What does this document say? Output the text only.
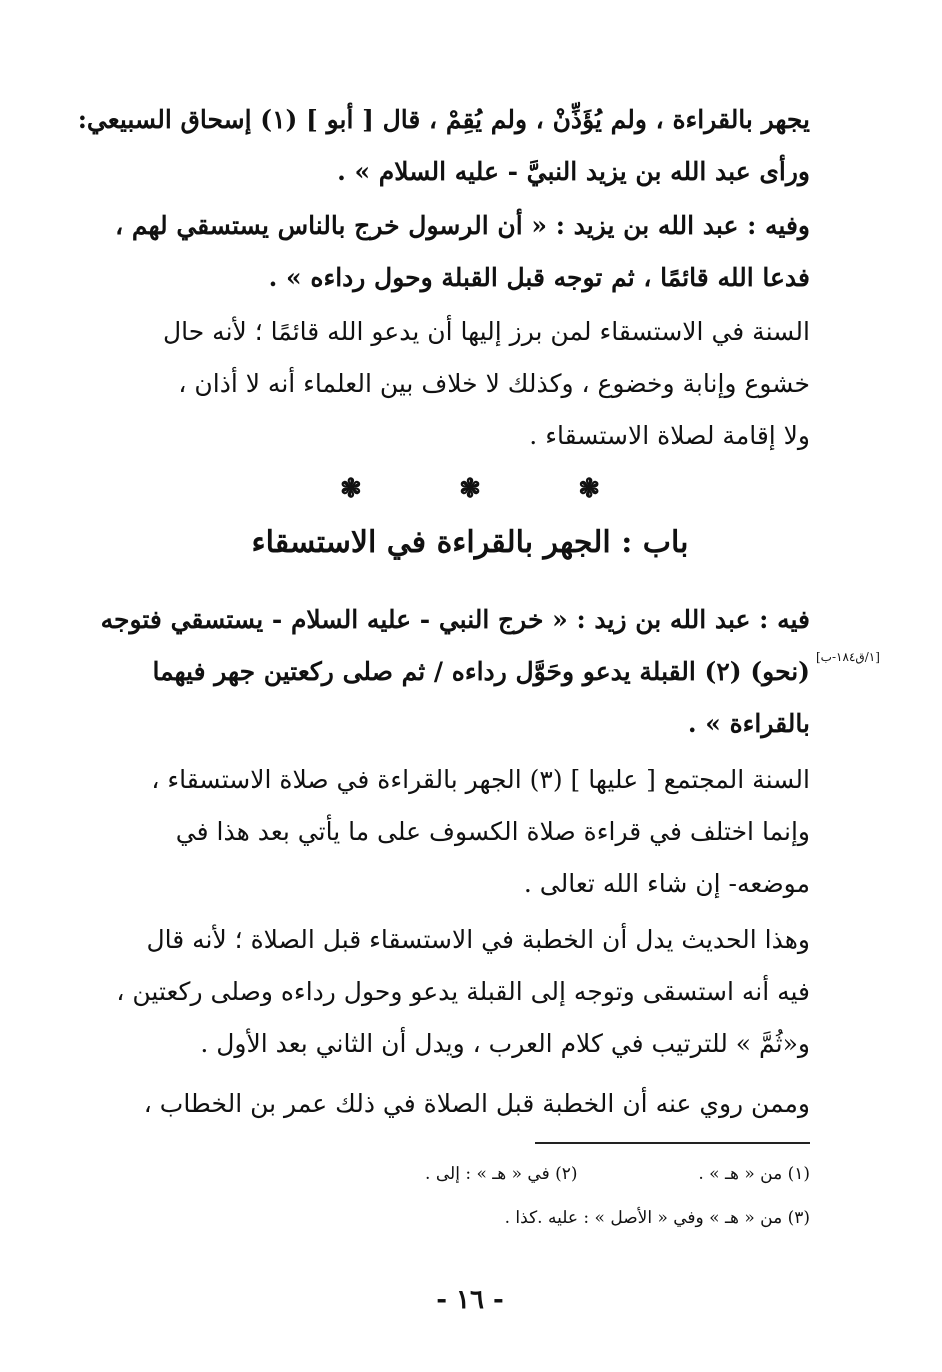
يجهر بالقراءة ، ولم يُؤَذِّنْ ، ولم يُقِمْ ، قال [ أبو ] (١) إسحاق السبيعي:
ورأى عبد الله بن يزيد النبيَّ - عليه السلام » .
وفيه : عبد الله بن يزيد : « أن الرسول خرج بالناس يستسقي لهم ،
فدعا الله قائمًا ، ثم توجه قبل القبلة وحول رداءه » .
السنة في الاستسقاء لمن برز إليها أن يدعو الله قائمًا ؛ لأنه حال
خشوع وإنابة وخضوع ، وكذلك لا خلاف بين العلماء أنه لا أذان ،
ولا إقامة لصلاة الاستسقاء .
❃	❃	❃
باب : الجهر بالقراءة في الاستسقاء
فيه : عبد الله بن زيد : « خرج النبي - عليه السلام - يستسقي فتوجه
(نحو) (٢) القبلة يدعو وحَوَّل رداءه / ثم صلى ركعتين جهر فيهما
بالقراءة » .
[١/ق١٨٤-ب]
السنة المجتمع [ عليها ] (٣) الجهر بالقراءة في صلاة الاستسقاء ،
وإنما اختلف في قراءة صلاة الكسوف على ما يأتي بعد هذا في
موضعه- إن شاء الله تعالى .
وهذا الحديث يدل أن الخطبة في الاستسقاء قبل الصلاة ؛ لأنه قال
فيه أنه استسقى وتوجه إلى القبلة يدعو وحول رداءه وصلى ركعتين ،
و«ثُمَّ » للترتيب في كلام العرب ، ويدل أن الثاني بعد الأول .
وممن روي عنه أن الخطبة قبل الصلاة في ذلك عمر بن الخطاب ،
(١) من « هـ » .  (٢) في « هـ » : إلى .
(٣) من « هـ » وفي « الأصل » : عليه .كذا .
- ١٦ -
